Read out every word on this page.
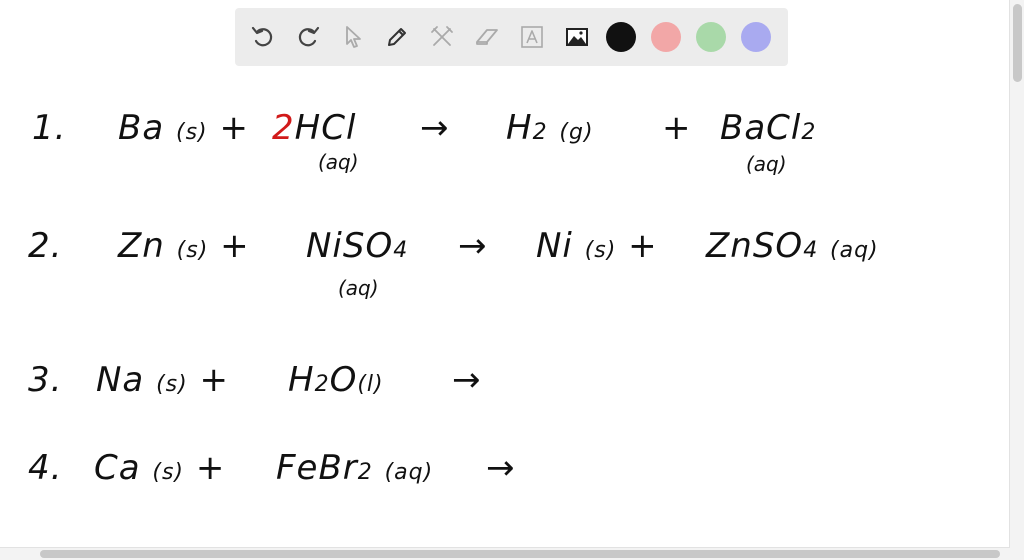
1. Ba (s) + 2HCl
(aq)
→ H2 (g) + BaCl2
(aq)
2. Zn (s) + NiSO4
(aq)
→ Ni (s) + ZnSO4 (aq)
3. Na (s) + H2O(l) →
4. Ca (s) + FeBr2 (aq) →
